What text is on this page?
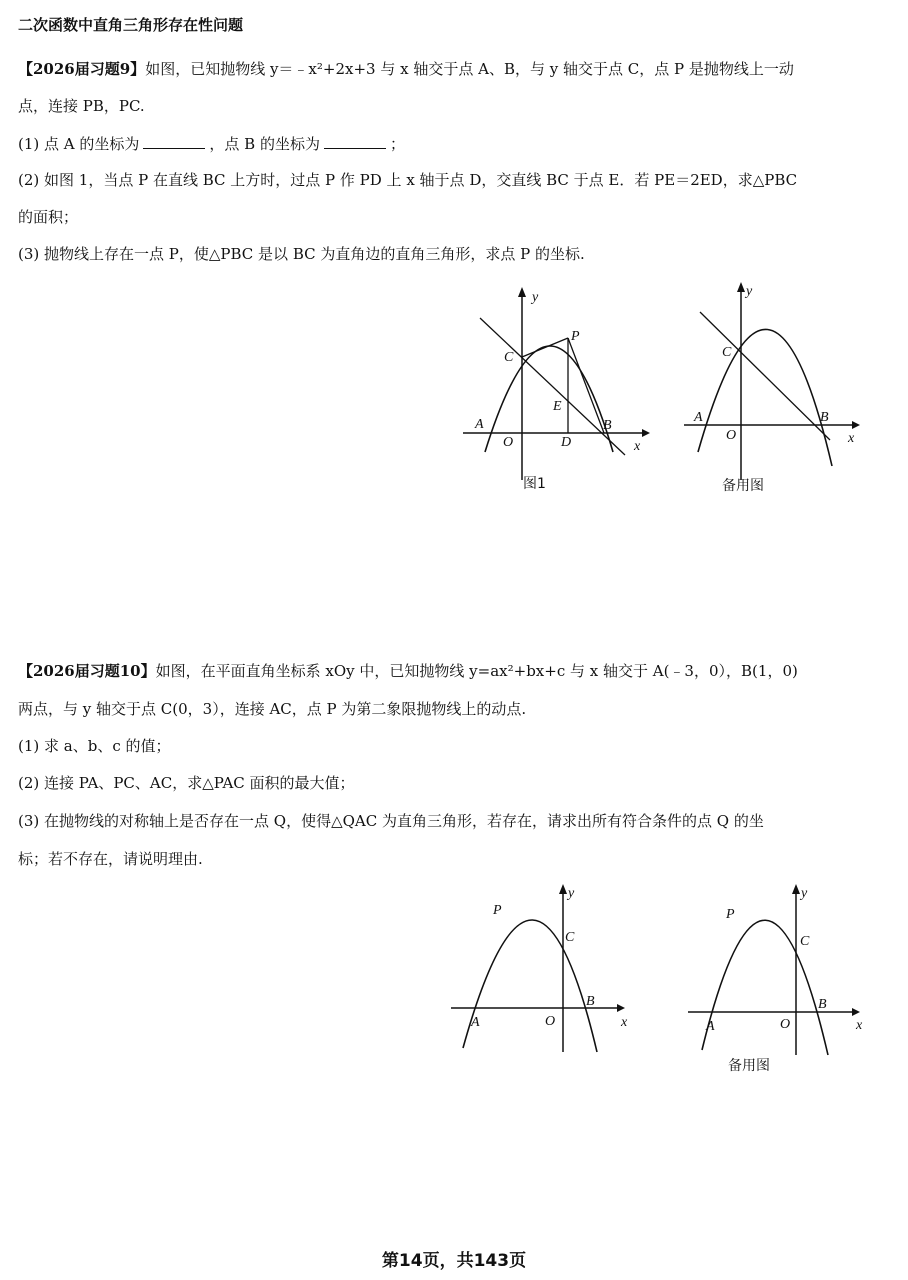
二次函数中直角三角形存在性问题
【2026届习题9】如图，已知抛物线 y＝﹣x²+2x+3 与 x 轴交于点 A、B，与 y 轴交于点 C，点 P 是抛物线上一动
点，连接 PB，PC.
(1) 点 A 的坐标为	，点 B 的坐标为	；
(2) 如图 1，当点 P 在直线 BC 上方时，过点 P 作 PD 上 x 轴于点 D，交直线 BC 于点 E．若 PE＝2ED，求△PBC
的面积；
(3) 抛物线上存在一点 P，使△PBC 是以 BC 为直角边的直角三角形，求点 P 的坐标.
y
x
O
A	B
C
P
D
E
图1
y
x
O
A	B
C
备用图
【2026届习题10】如图，在平面直角坐标系 xOy 中，已知抛物线 y=ax²+bx+c 与 x 轴交于 A(﹣3，0），B(1，0)
两点，与 y 轴交于点 C(0，3），连接 AC，点 P 为第二象限抛物线上的动点.
(1) 求 a、b、c 的值；
(2) 连接 PA、PC、AC，求△PAC 面积的最大值；
(3) 在抛物线的对称轴上是否存在一点 Q，使得△QAC 为直角三角形，若存在，请求出所有符合条件的点 Q 的坐
标；若不存在，请说明理由.
y
x
O
A
B
C
P
y
x
O
A
B
C
P
备用图
第14页，共143页
